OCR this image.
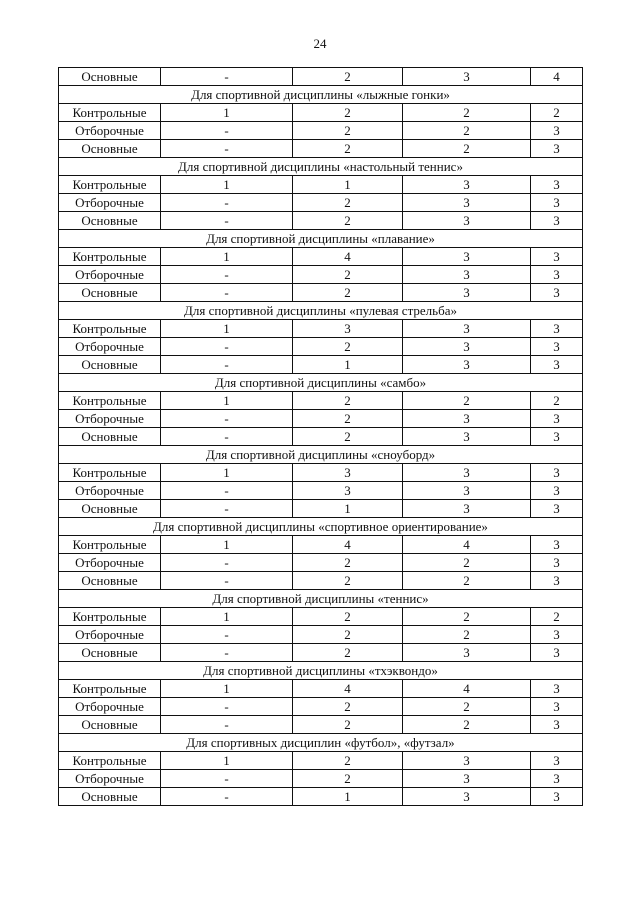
24
Основные	-	2	3	4
Для спортивной дисциплины «лыжные гонки»				
Контрольные	1	2	2	2
Отборочные	-	2	2	3
Основные	-	2	2	3
Для спортивной дисциплины «настольный теннис»				
Контрольные	1	1	3	3
Отборочные	-	2	3	3
Основные	-	2	3	3
Для спортивной дисциплины «плавание»				
Контрольные	1	4	3	3
Отборочные	-	2	3	3
Основные	-	2	3	3
Для спортивной дисциплины «пулевая стрельба»				
Контрольные	1	3	3	3
Отборочные	-	2	3	3
Основные	-	1	3	3
Для спортивной дисциплины «самбо»				
Контрольные	1	2	2	2
Отборочные	-	2	3	3
Основные	-	2	3	3
Для спортивной дисциплины «сноуборд»				
Контрольные	1	3	3	3
Отборочные	-	3	3	3
Основные	-	1	3	3
Для спортивной дисциплины «спортивное ориентирование»				
Контрольные	1	4	4	3
Отборочные	-	2	2	3
Основные	-	2	2	3
Для спортивной дисциплины «теннис»				
Контрольные	1	2	2	2
Отборочные	-	2	2	3
Основные	-	2	3	3
Для спортивной дисциплины «тхэквондо»				
Контрольные	1	4	4	3
Отборочные	-	2	2	3
Основные	-	2	2	3
Для спортивных дисциплин «футбол», «футзал»				
Контрольные	1	2	3	3
Отборочные	-	2	3	3
Основные	-	1	3	3
